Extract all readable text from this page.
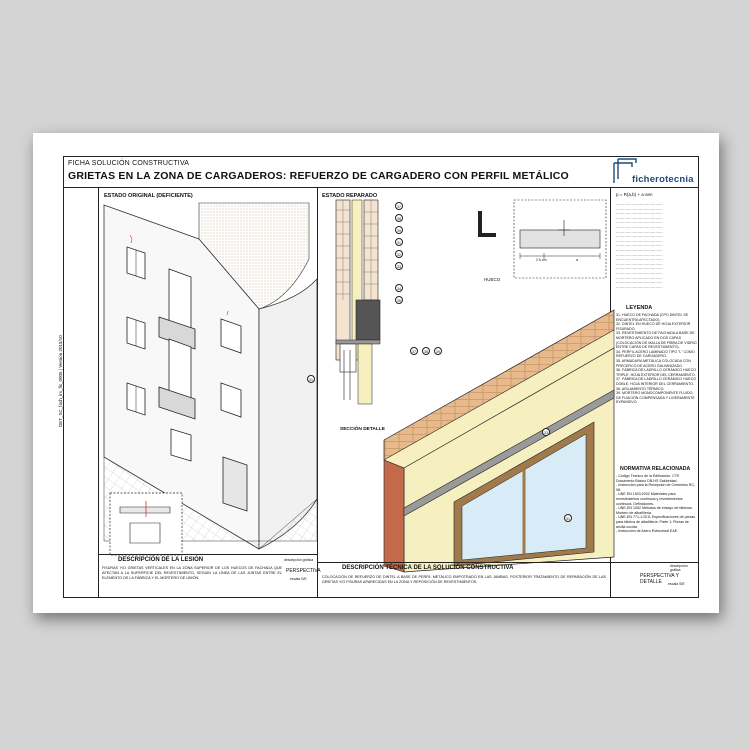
FICHA SOLUCIÓN CONSTRUCTIVA
GRIETAS EN LA ZONA DE CARGADEROS: REFUERZO DE CARGADERO CON PERFIL METÁLICO	ficherotecnia
DET_SC_fach_lrs_fis_0005 | Versión 2015/10
ESTADO ORIGINAL (DEFICIENTE)
31
DESCRIPCIÓN DE LA LESIÓN
FISURAS Y/O GRIETAS VERTICALES EN LA ZONA SUPERIOR DE LOS HUECOS DE FACHADA QUE AFECTAN A LA SUPERFICIE DEL REVESTIMIENTO, SEGUIN LA LÍNEA DE LAS JUNTAS ENTRE EL ELEMENTO DE LA FÁBRICA Y EL MORTERO DE UNIÓN.
descripción gráfica
PERSPECTIVA
escala S/E
ESTADO REPARADO
37
38
39
31
32
33
34
35
SECCIÓN DETALLE
2.5 cm	a
HUECO
37	38	39
33
31
DESCRIPCIÓN TÉCNICA DE LA SOLUCIÓN CONSTRUCTIVA
COLOCACIÓN DE REFUERZO DE DINTEL A BASE DE PERFIL METÁLICO EMPOTRADO EN LAS JAMBAS. POSTERIOR TRATAMIENTO DE REPARACIÓN DE LAS GRIETAS Y/O FISURAS APARECIDAS EN LA ZONA Y REPOSICIÓN DE REVESTIMIENTOS.
p = R(a,b) + a·sen
·······································
·······································
·······································
·······································
·······································
·······································
·······································
·······································
·······································
·······································
·······································
·······································
·······································
·······································
·······································
·······································
·······································
·······································
·······································
LEYENDA
31. HUECO DE FACHADA (CPO DINTEL SE ENCUENTRA AFECTADO).
32. DINTEL EN HUECO DE HOJA EXTERIOR FISURADO.
33. REVESTIMIENTO DE FACHADA A BASE DE MORTERO APLICADO EN DOS CAPAS (COLOCACIÓN DE MALLA DE FIBRA DE VIDRIO ENTRE CAPAS DE REVESTIMIENTO).
34. PERFIL ACERO LAMINADO TIPO "L" COMO REFUERZO DE CARGADERO.
35. ARMADURA METÁLICA COLOCADA CON PRECERCO DE ACERO GALVANIZADO.
36. FÁBRICA DE LADRILLO CERÁMICO HUECO TRIPLE. HOJA EXTERIOR DEL CERRAMIENTO.
37. FÁBRICA DE LADRILLO CERÁMICO HUECO DOBLE. HOJA INTERIOR DEL CERRAMIENTO.
38. AISLAMIENTO TÉRMICO.
39. MORTERO MONOCOMPONENTE FLUIDO, DE FIJACIÓN COMPENSADA Y LIGERAMENTE EXPANSIVO.
NORMATIVA RELACIONADA
- Código Técnico de la Edificación. CTE Documento Básico DB-HS Salubridad.
- Instrucción para la Recepción de Cementos RC-08.
- UNE EN 1503:2002 Materiales para revestimientos continuos y revestimientos continuos. Definiciones.
- UNE-EN 1052 Métodos de ensayo de fábricas. Mortero de albañilería.
- UNE-EN 771-1:2011 Especificaciones de piezas para fábrica de albañilería. Parte 1: Piezas de arcilla cocida.
- Instrucción de Acero Estructural EAE.
descripción gráfica
PERSPECTIVA Y DETALLE	escala S/E
